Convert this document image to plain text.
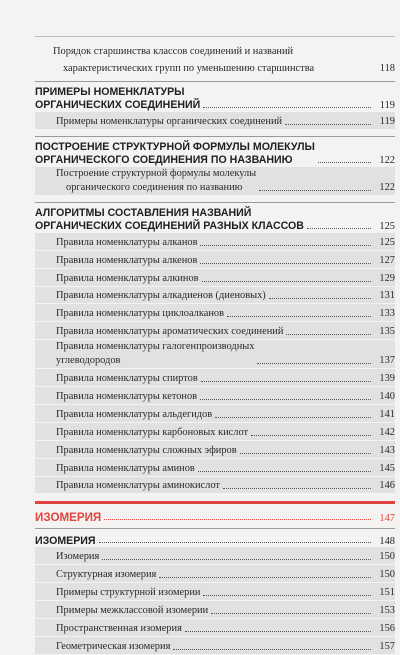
Порядок старшинства классов соединений и названий
характеристических групп по уменьшению старшинства	118
ПРИМЕРЫ НОМЕНКЛАТУРЫ
ОРГАНИЧЕСКИХ СОЕДИНЕНИЙ	119
Примеры номенклатуры органических соединений	119
ПОСТРОЕНИЕ СТРУКТУРНОЙ ФОРМУЛЫ МОЛЕКУЛЫ
ОРГАНИЧЕСКОГО СОЕДИНЕНИЯ ПО НАЗВАНИЮ	122
Построение структурной формулы молекулы
органического соединения по названию	122
АЛГОРИТМЫ СОСТАВЛЕНИЯ НАЗВАНИЙ
ОРГАНИЧЕСКИХ СОЕДИНЕНИЙ РАЗНЫХ КЛАССОВ	125
Правила номенклатуры алканов	125
Правила номенклатуры алкенов	127
Правила номенклатуры алкинов	129
Правила номенклатуры алкадиенов (диеновых)	131
Правила номенклатуры циклоалканов	133
Правила номенклатуры ароматических соединений	135
Правила номенклатуры галогенпроизводных
углеводородов	137
Правила номенклатуры спиртов	139
Правила номенклатуры кетонов	140
Правила номенклатуры альдегидов	141
Правила номенклатуры карбоновых кислот	142
Правила номенклатуры сложных эфиров	143
Правила номенклатуры аминов	145
Правила номенклатуры аминокислот	146
ИЗОМЕРИЯ	147
ИЗОМЕРИЯ	148
Изомерия	150
Структурная изомерия	150
Примеры структурной изомерии	151
Примеры межклассовой изомерии	153
Пространственная изомерия	156
Геометрическая изомерия	157
